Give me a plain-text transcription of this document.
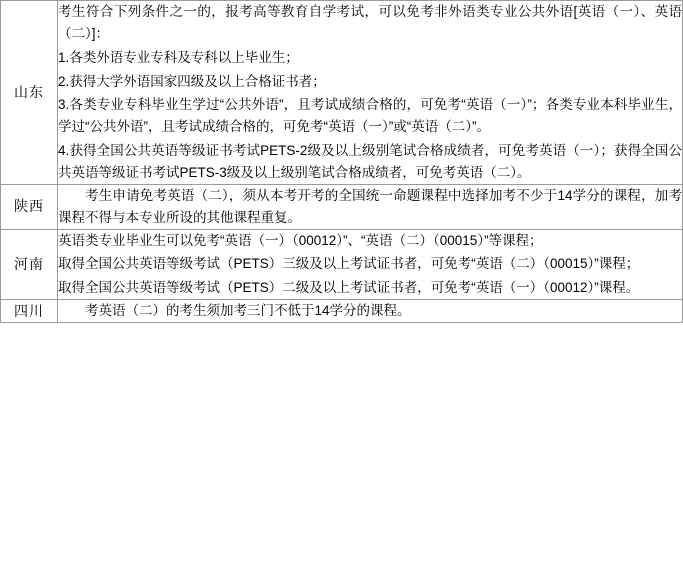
山东	考生符合下列条件之一的，报考高等教育自学考试，可以免考非外语类专业公共外语[英语（一）、英语（二）]：

1.各类外语专业专科及专科以上毕业生；

2.获得大学外语国家四级及以上合格证书者；

3.各类专业专科毕业生学过“公共外语”，且考试成绩合格的，可免考“英语（一）”；各类专业本科毕业生，学过“公共外语”，且考试成绩合格的，可免考“英语（一）”或“英语（二）”。

4.获得全国公共英语等级证书考试PETS-2级及以上级别笔试合格成绩者，可免考英语（一）；获得全国公共英语等级证书考试PETS-3级及以上级别笔试合格成绩者，可免考英语（二）。

陕西	考生申请免考英语（二），须从本考开考的全国统一命题课程中选择加考不少于14学分的课程，加考课程不得与本专业所设的其他课程重复。

河南	英语类专业毕业生可以免考“英语（一）（00012）”、“英语（二）（00015）”等课程；

取得全国公共英语等级考试（PETS）三级及以上考试证书者，可免考“英语（二）（00015）”课程；

取得全国公共英语等级考试（PETS）二级及以上考试证书者，可免考“英语（一）（00012）”课程。

四川	考英语（二）的考生须加考三门不低于14学分的课程。
